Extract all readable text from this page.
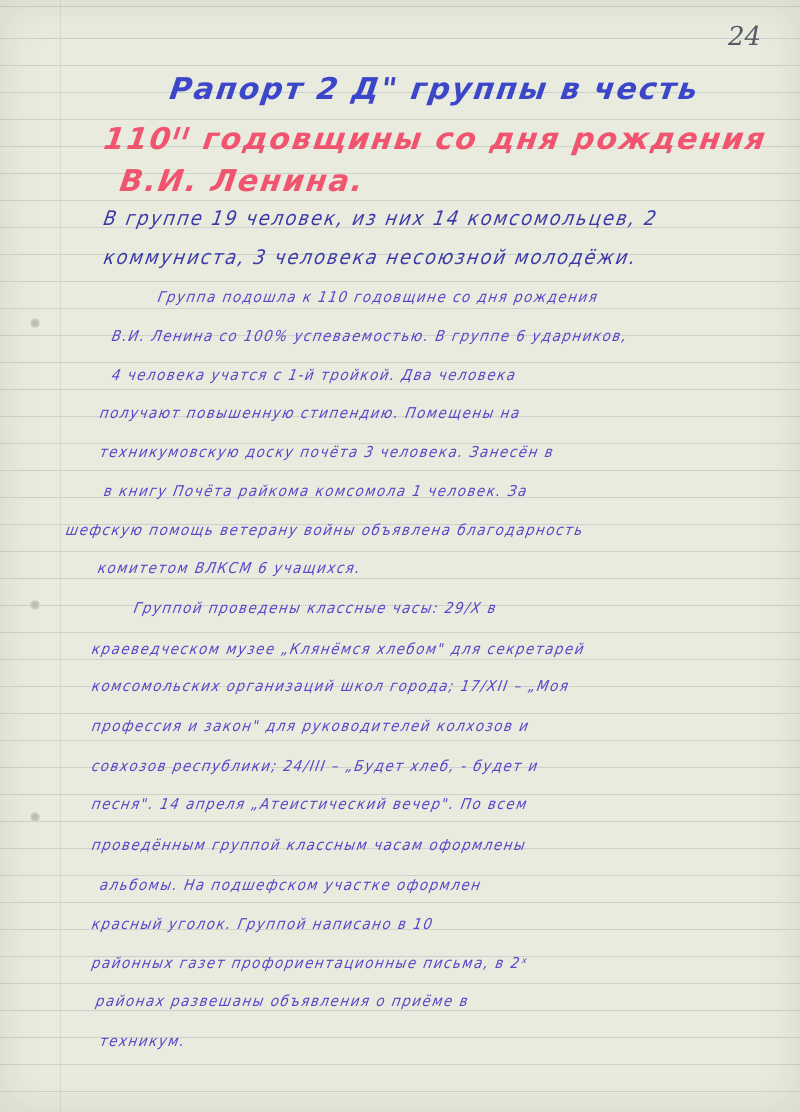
24
Рапорт 2 Д" группы в честь
110ᴵᴵ годовщины со дня рождения
В.И. Ленина.
В группе 19 человек, из них 14 комсомольцев, 2
коммуниста, 3 человека несоюзной молодёжи.
Группа подошла к 110 годовщине со дня рождения
В.И. Ленина со 100% успеваемостью. В группе 6 ударников,
4 человека учатся с 1-й тройкой. Два человека
получают повышенную стипендию. Помещены на
техникумовскую доску почёта 3 человека. Занесён в
в книгу Почёта райкома комсомола 1 человек. За
шефскую помощь ветерану войны объявлена благодарность
комитетом ВЛКСМ 6 учащихся.
Группой проведены классные часы: 29/X в
краеведческом музее „Клянёмся хлебом" для секретарей
комсомольских организаций школ города; 17/XII – „Моя
профессия и закон" для руководителей колхозов и
совхозов республики; 24/III – „Будет хлеб, - будет и
песня". 14 апреля „Атеистический вечер". По всем
проведённым группой классным часам оформлены
альбомы. На подшефском участке оформлен
красный уголок. Группой написано в 10
районных газет профориентационные письма, в 2ˣ
районах развешаны объявления о приёме в
техникум.
